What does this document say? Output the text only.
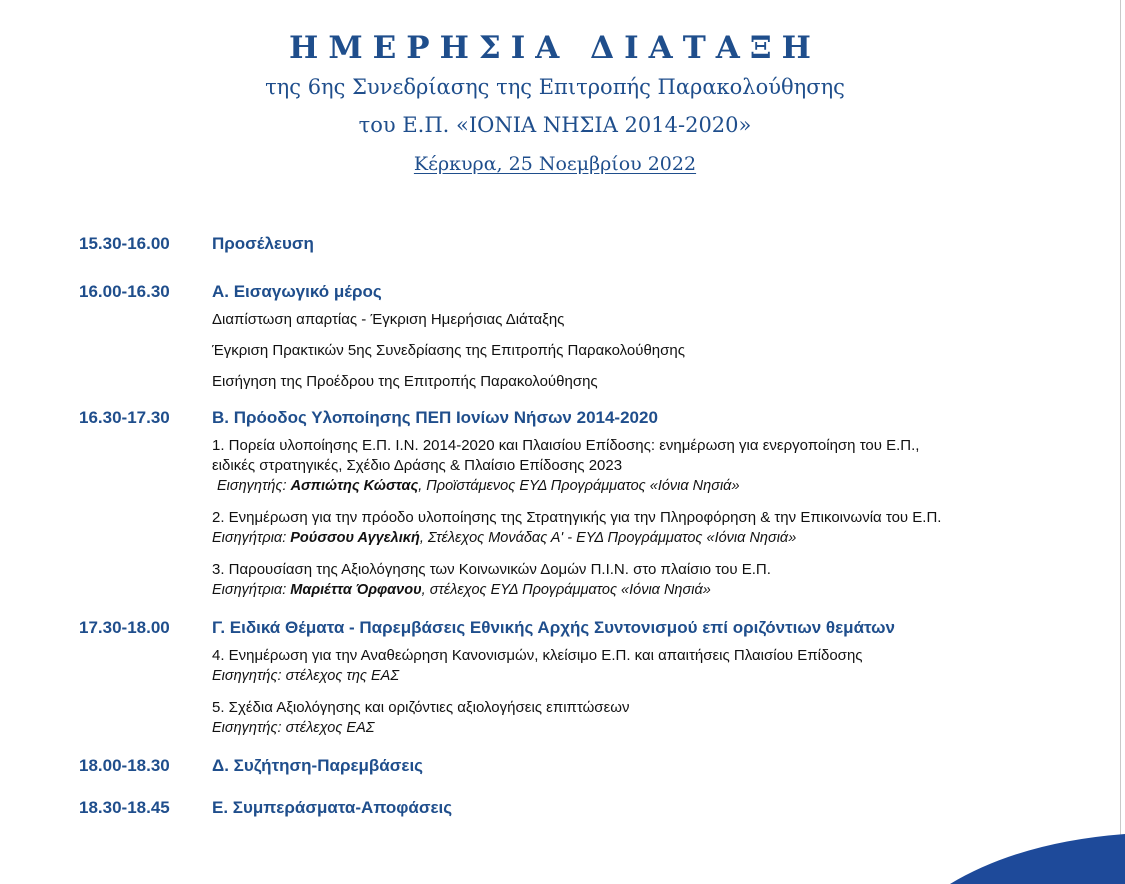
ΗΜΕΡΗΣΙΑ ΔΙΑΤΑΞΗ

της 6ης Συνεδρίασης της Επιτροπής Παρακολούθησης

του Ε.Π. «ΙΟΝΙΑ ΝΗΣΙΑ 2014-2020»

Κέρκυρα, 25 Νοεμβρίου 2022

15.30-16.00	Προσέλευση
16.00-16.30	Α. Εισαγωγικό μέρος
Διαπίστωση απαρτίας - Έγκριση Ημερήσιας Διάταξης
Έγκριση Πρακτικών 5ης Συνεδρίασης της Επιτροπής Παρακολούθησης
Εισήγηση της Προέδρου της Επιτροπής Παρακολούθησης
16.30-17.30	Β. Πρόοδος Υλοποίησης ΠΕΠ Ιονίων Νήσων 2014-2020
1. Πορεία υλοποίησης Ε.Π. Ι.Ν. 2014-2020 και Πλαισίου Επίδοσης: ενημέρωση για ενεργοποίηση του Ε.Π.,
ειδικές στρατηγικές, Σχέδιο Δράσης & Πλαίσιο Επίδοσης 2023
Εισηγητής: Ασπιώτης Κώστας, Προϊστάμενος ΕΥΔ Προγράμματος «Ιόνια Νησιά»
2. Ενημέρωση για την πρόοδο υλοποίησης της Στρατηγικής για την Πληροφόρηση & την Επικοινωνία του Ε.Π.
Εισηγήτρια: Ρούσσου Αγγελική, Στέλεχος Μονάδας Α' - ΕΥΔ Προγράμματος «Ιόνια Νησιά»
3. Παρουσίαση της Αξιολόγησης των Κοινωνικών Δομών Π.Ι.Ν. στο πλαίσιο του Ε.Π.
Εισηγήτρια: Μαριέττα Όρφανου, στέλεχος ΕΥΔ Προγράμματος «Ιόνια Νησιά»
17.30-18.00	Γ. Ειδικά Θέματα - Παρεμβάσεις Εθνικής Αρχής Συντονισμού επί οριζόντιων θεμάτων
4. Ενημέρωση για την Αναθεώρηση Κανονισμών, κλείσιμο Ε.Π. και απαιτήσεις Πλαισίου Επίδοσης
Εισηγητής: στέλεχος της ΕΑΣ
5. Σχέδια Αξιολόγησης και οριζόντιες αξιολογήσεις επιπτώσεων
Εισηγητής: στέλεχος ΕΑΣ
18.00-18.30	Δ. Συζήτηση-Παρεμβάσεις
18.30-18.45	Ε. Συμπεράσματα-Αποφάσεις
